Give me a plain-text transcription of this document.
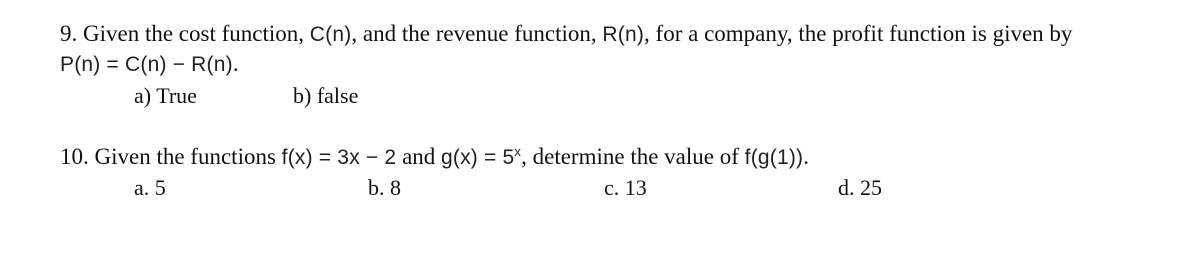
9. Given the cost function, C(n), and the revenue function, R(n), for a company, the profit function is given by
P(n) = C(n) − R(n).
a) True	b) false
10. Given the functions f(x) = 3x − 2 and $g(x) = 5^x$, determine the value of f(g(1)).
a. 5	b. 8	c. 13	d. 25
